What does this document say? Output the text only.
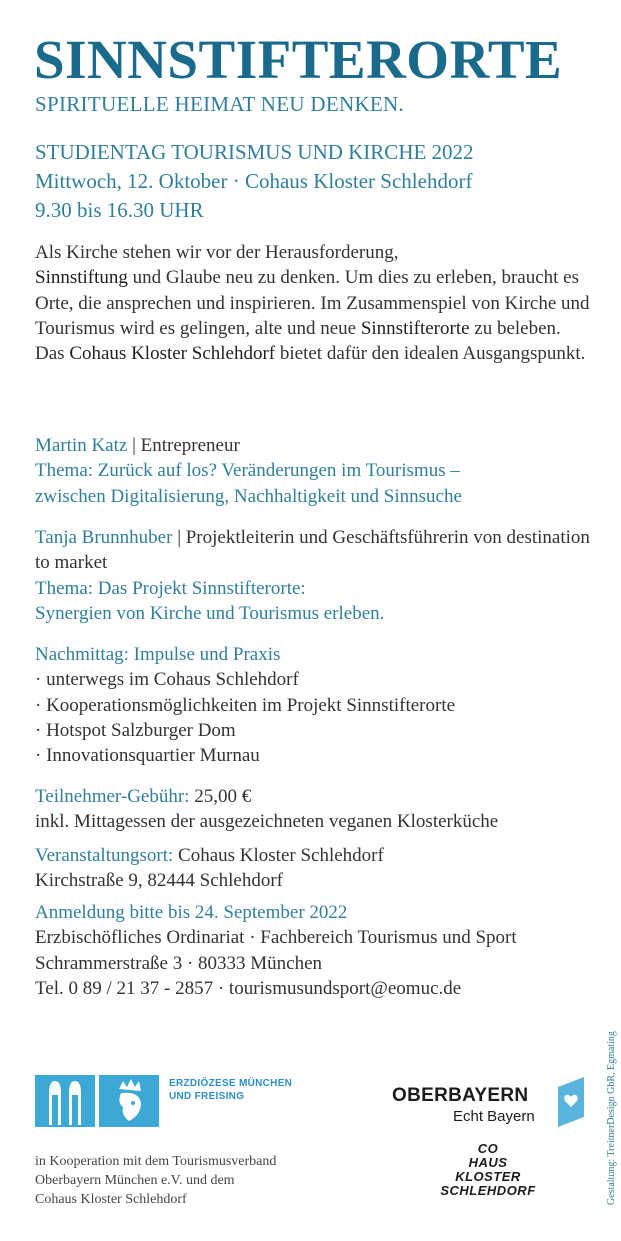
SINNSTIFTERORTE
SPIRITUELLE HEIMAT NEU DENKEN.
STUDIENTAG TOURISMUS UND KIRCHE 2022
Mittwoch, 12. Oktober · Cohaus Kloster Schlehdorf
9.30 bis 16.30 UHR
Als Kirche stehen wir vor der Herausforderung,
Sinnstiftung und Glaube neu zu denken. Um dies zu erleben, braucht es Orte, die ansprechen und inspirieren. Im Zusammenspiel von Kirche und Tourismus wird es gelingen, alte und neue Sinnstifterorte zu beleben.
Das Cohaus Kloster Schlehdorf bietet dafür den idealen Ausgangspunkt.
Martin Katz | Entrepreneur
Thema: Zurück auf los? Veränderungen im Tourismus –
zwischen Digitalisierung, Nachhaltigkeit und Sinnsuche
Tanja Brunnhuber | Projektleiterin und Geschäftsführerin von destination to market
Thema: Das Projekt Sinnstifterorte:
Synergien von Kirche und Tourismus erleben.
Nachmittag: Impulse und Praxis
· unterwegs im Cohaus Schlehdorf
· Kooperationsmöglichkeiten im Projekt Sinnstifterorte
· Hotspot Salzburger Dom
· Innovationsquartier Murnau
Teilnehmer-Gebühr: 25,00 €
inkl. Mittagessen der ausgezeichneten veganen Klosterküche
Veranstaltungsort: Cohaus Kloster Schlehdorf
Kirchstraße 9, 82444 Schlehdorf
Anmeldung bitte bis 24. September 2022
Erzbischöfliches Ordinariat · Fachbereich Tourismus und Sport
Schrammerstraße 3 · 80333 München
Tel. 0 89 / 21 37 - 2857 · tourismusundsport@eomuc.de
ERZDIÖZESE MÜNCHEN
UND FREISING
in Kooperation mit dem Tourismusverband
Oberbayern München e.V. und dem
Cohaus Kloster Schlehdorf
OBERBAYERN
Echt Bayern
CO
HAUS
KLOSTER
SCHLEHDORF	Gestaltung: TreitnerDesign GbR, Egmating
